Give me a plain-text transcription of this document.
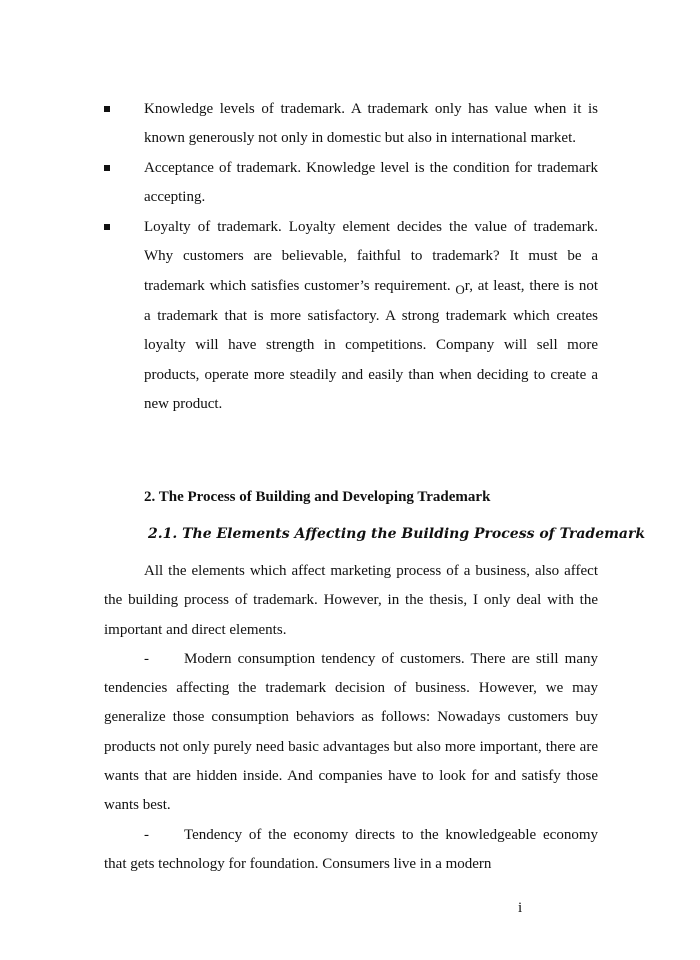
Knowledge levels of trademark. A trademark only has value when it is known generously not only in domestic but also in international market.
Acceptance of trademark. Knowledge level is the condition for trademark accepting.
Loyalty of trademark. Loyalty element decides the value of trademark. Why customers are believable, faithful to trademark? It must be a trademark which satisfies customer’s requirement. Or, at least, there is not a trademark that is more satisfactory. A strong trademark which creates loyalty will have strength in competitions. Company will sell more products, operate more steadily and easily than when deciding to create a new product.
2. The Process of Building and Developing Trademark
2.1. The Elements Affecting the Building Process of Trademark

All the elements which affect marketing process of a business, also affect the building process of trademark. However, in the thesis, I only deal with the important and direct elements.

- Modern consumption tendency of customers. There are still many tendencies affecting the trademark decision of business. However, we may generalize those consumption behaviors as follows: Nowadays customers buy products not only purely need basic advantages but also more important, there are wants that are hidden inside. And companies have to look for and satisfy those wants best.

- Tendency of the economy directs to the knowledgeable economy that gets technology for foundation. Consumers live in a modern

i
